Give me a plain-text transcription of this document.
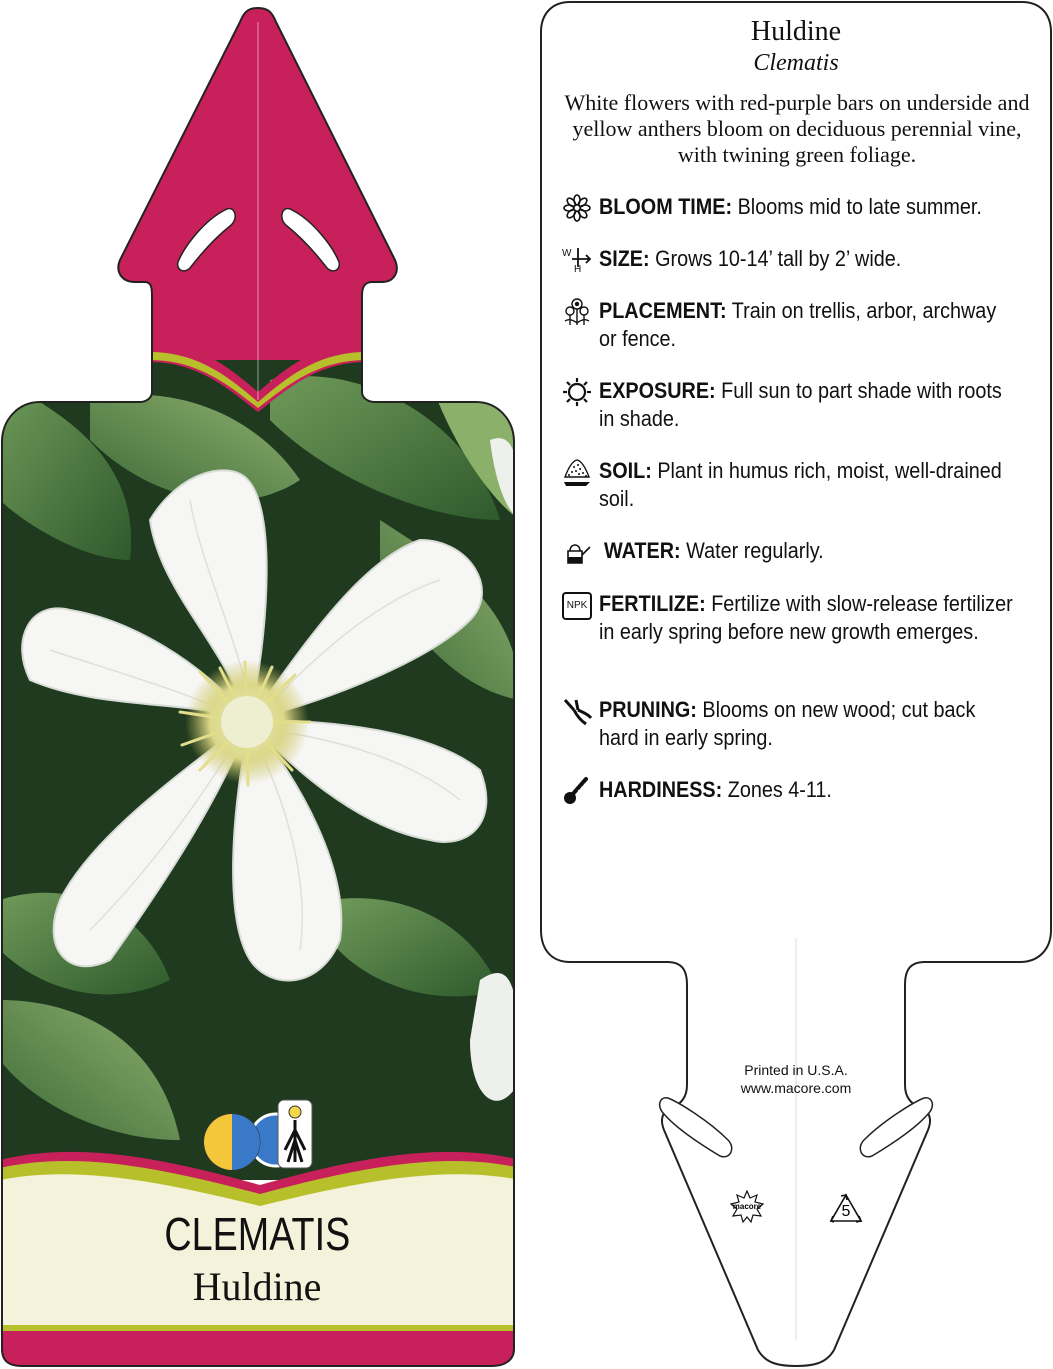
CLEMATIS
Huldine
Huldine
Clematis
White flowers with red-purple bars on underside and yellow anthers bloom on deciduous perennial vine, with twining green foliage.
BLOOM TIME: Blooms mid to late summer.
W
H SIZE: Grows 10-14’ tall by 2’ wide.
PLACEMENT: Train on trellis, arbor, archway or fence.
EXPOSURE: Full sun to part shade with roots in shade.
SOIL: Plant in humus rich, moist, well-drained soil.
WATER: Water regularly.
NPK FERTILIZE: Fertilize with slow-release fertilizer in early spring before new growth emerges.
PRUNING: Blooms on new wood; cut back hard in early spring.
HARDINESS: Zones 4-11.
Printed in U.S.A.
www.macore.com
macore	5
